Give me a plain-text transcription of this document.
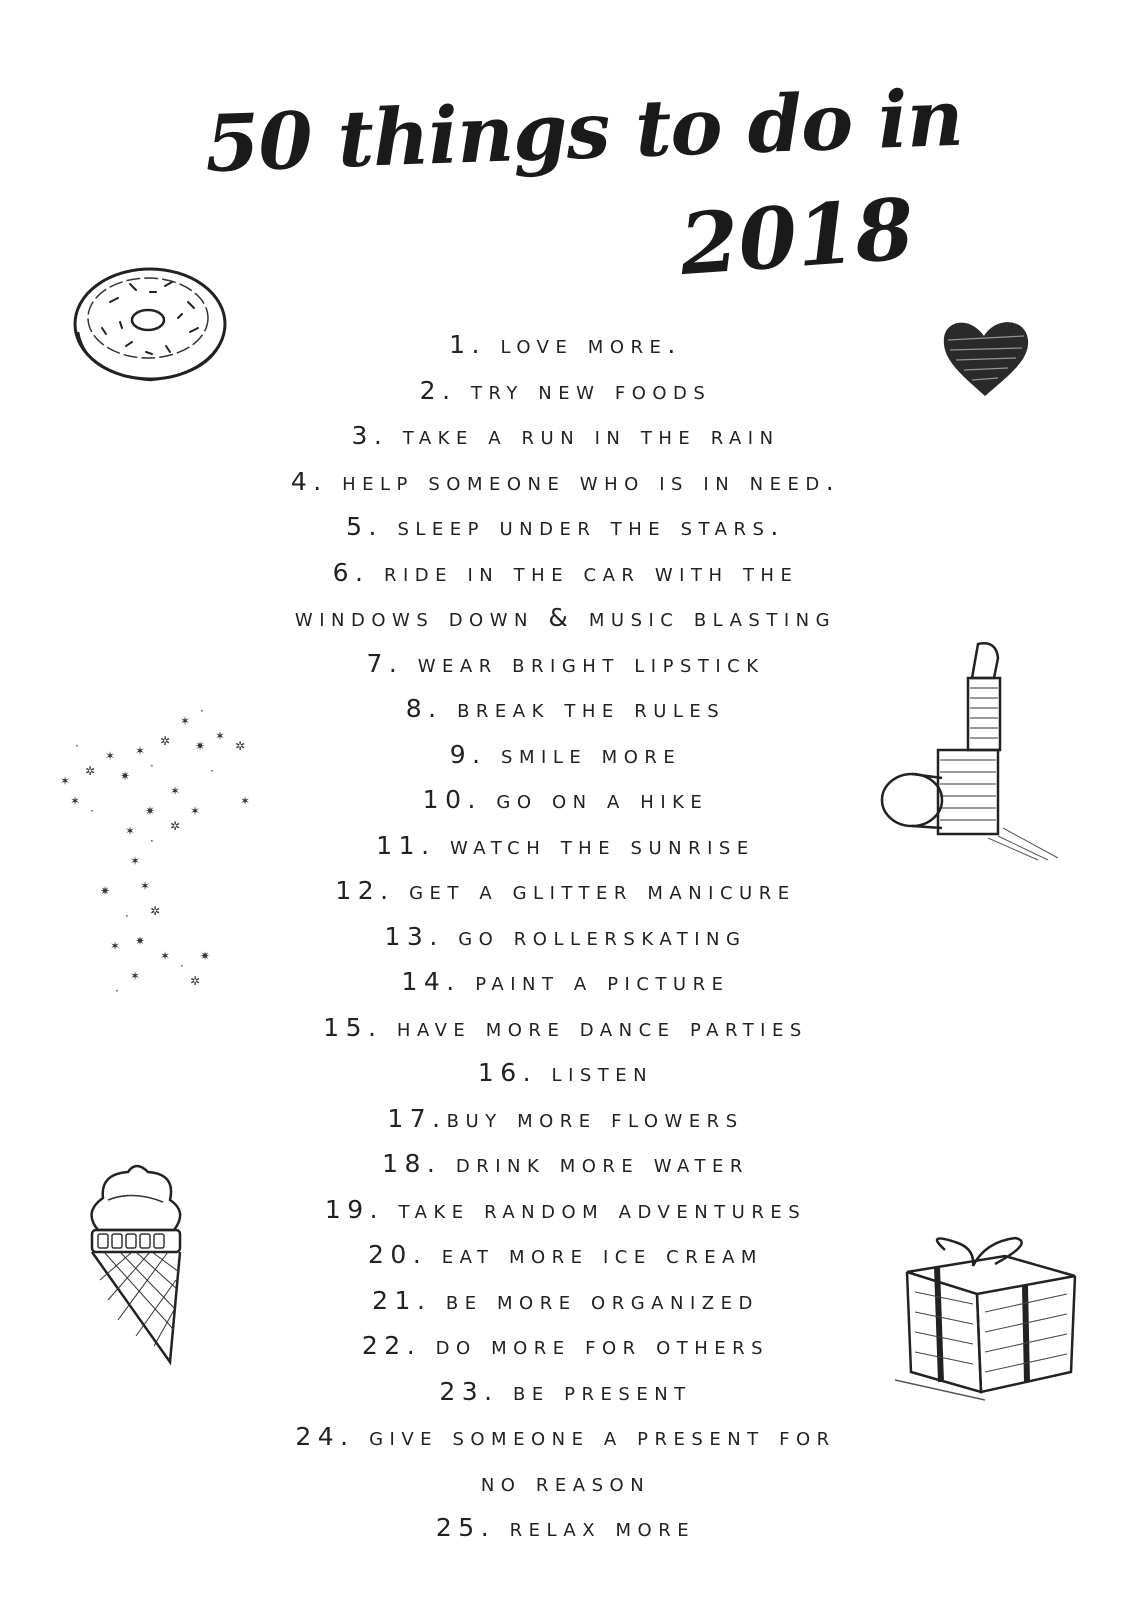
50 things to do in
2018
1. love more.
2. try new foods
3. take a run in the rain
4. help someone who is in need.
5. sleep under the stars.
6. ride in the car with the
windows down & music blasting
7. wear bright lipstick
8. break the rules
9. smile more
10. go on a hike
11. watch the sunrise
12. get a glitter manicure
13. go rollerskating
14. paint a picture
15. have more dance parties
16. listen
17.buy more flowers
18. drink more water
19. take random adventures
20. eat more ice cream
21. be more organized
22. do more for others
23. be present
24. give someone a present for
no reason
25. relax more
✶
·
✲
✶
✷
✶
·
✲
✶
·
✷
✶
✲
✶
·
✶
✷
✶
·
✲
✶
✷ ✶
· ✲
✶ ✷
✶
·
✲
✶
·
✷
·
✶
✶
